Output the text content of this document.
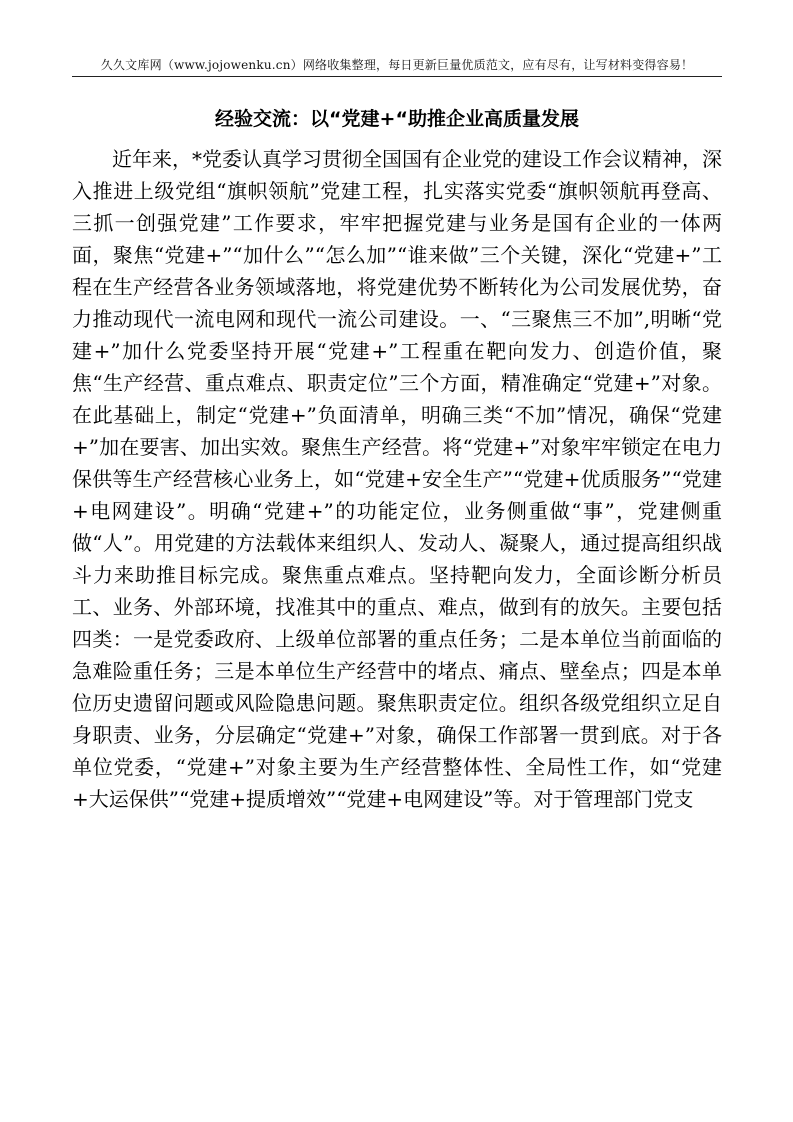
久久文库网（www.jojowenku.cn）网络收集整理，每日更新巨量优质范文，应有尽有，让写材料变得容易！
经验交流：以“党建+“助推企业高质量发展

近年来，*党委认真学习贯彻全国国有企业党的建设工作会议精神，深入推进上级党组“旗帜领航”党建工程，扎实落实党委“旗帜领航再登高、三抓一创强党建”工作要求，牢牢把握党建与业务是国有企业的一体两面，聚焦“党建+”“加什么”“怎么加”“谁来做”三个关键，深化“党建+”工程在生产经营各业务领域落地，将党建优势不断转化为公司发展优势，奋力推动现代一流电网和现代一流公司建设。一、“三聚焦三不加”,明晰“党建+”加什么党委坚持开展“党建+”工程重在靶向发力、创造价值，聚焦“生产经营、重点难点、职责定位”三个方面，精准确定“党建+”对象。在此基础上，制定“党建+”负面清单，明确三类“不加”情况，确保“党建+”加在要害、加出实效。聚焦生产经营。将“党建+”对象牢牢锁定在电力保供等生产经营核心业务上，如“党建+安全生产”“党建+优质服务”“党建+电网建设”。明确“党建+”的功能定位，业务侧重做“事”，党建侧重做“人”。用党建的方法载体来组织人、发动人、凝聚人，通过提高组织战斗力来助推目标完成。聚焦重点难点。坚持靶向发力，全面诊断分析员工、业务、外部环境，找准其中的重点、难点，做到有的放矢。主要包括四类：一是党委政府、上级单位部署的重点任务；二是本单位当前面临的急难险重任务；三是本单位生产经营中的堵点、痛点、壁垒点；四是本单位历史遗留问题或风险隐患问题。聚焦职责定位。组织各级党组织立足自身职责、业务，分层确定“党建+”对象，确保工作部署一贯到底。对于各单位党委，“党建+”对象主要为生产经营整体性、全局性工作，如“党建+大运保供”“党建+提质增效”“党建+电网建设”等。对于管理部门党支
